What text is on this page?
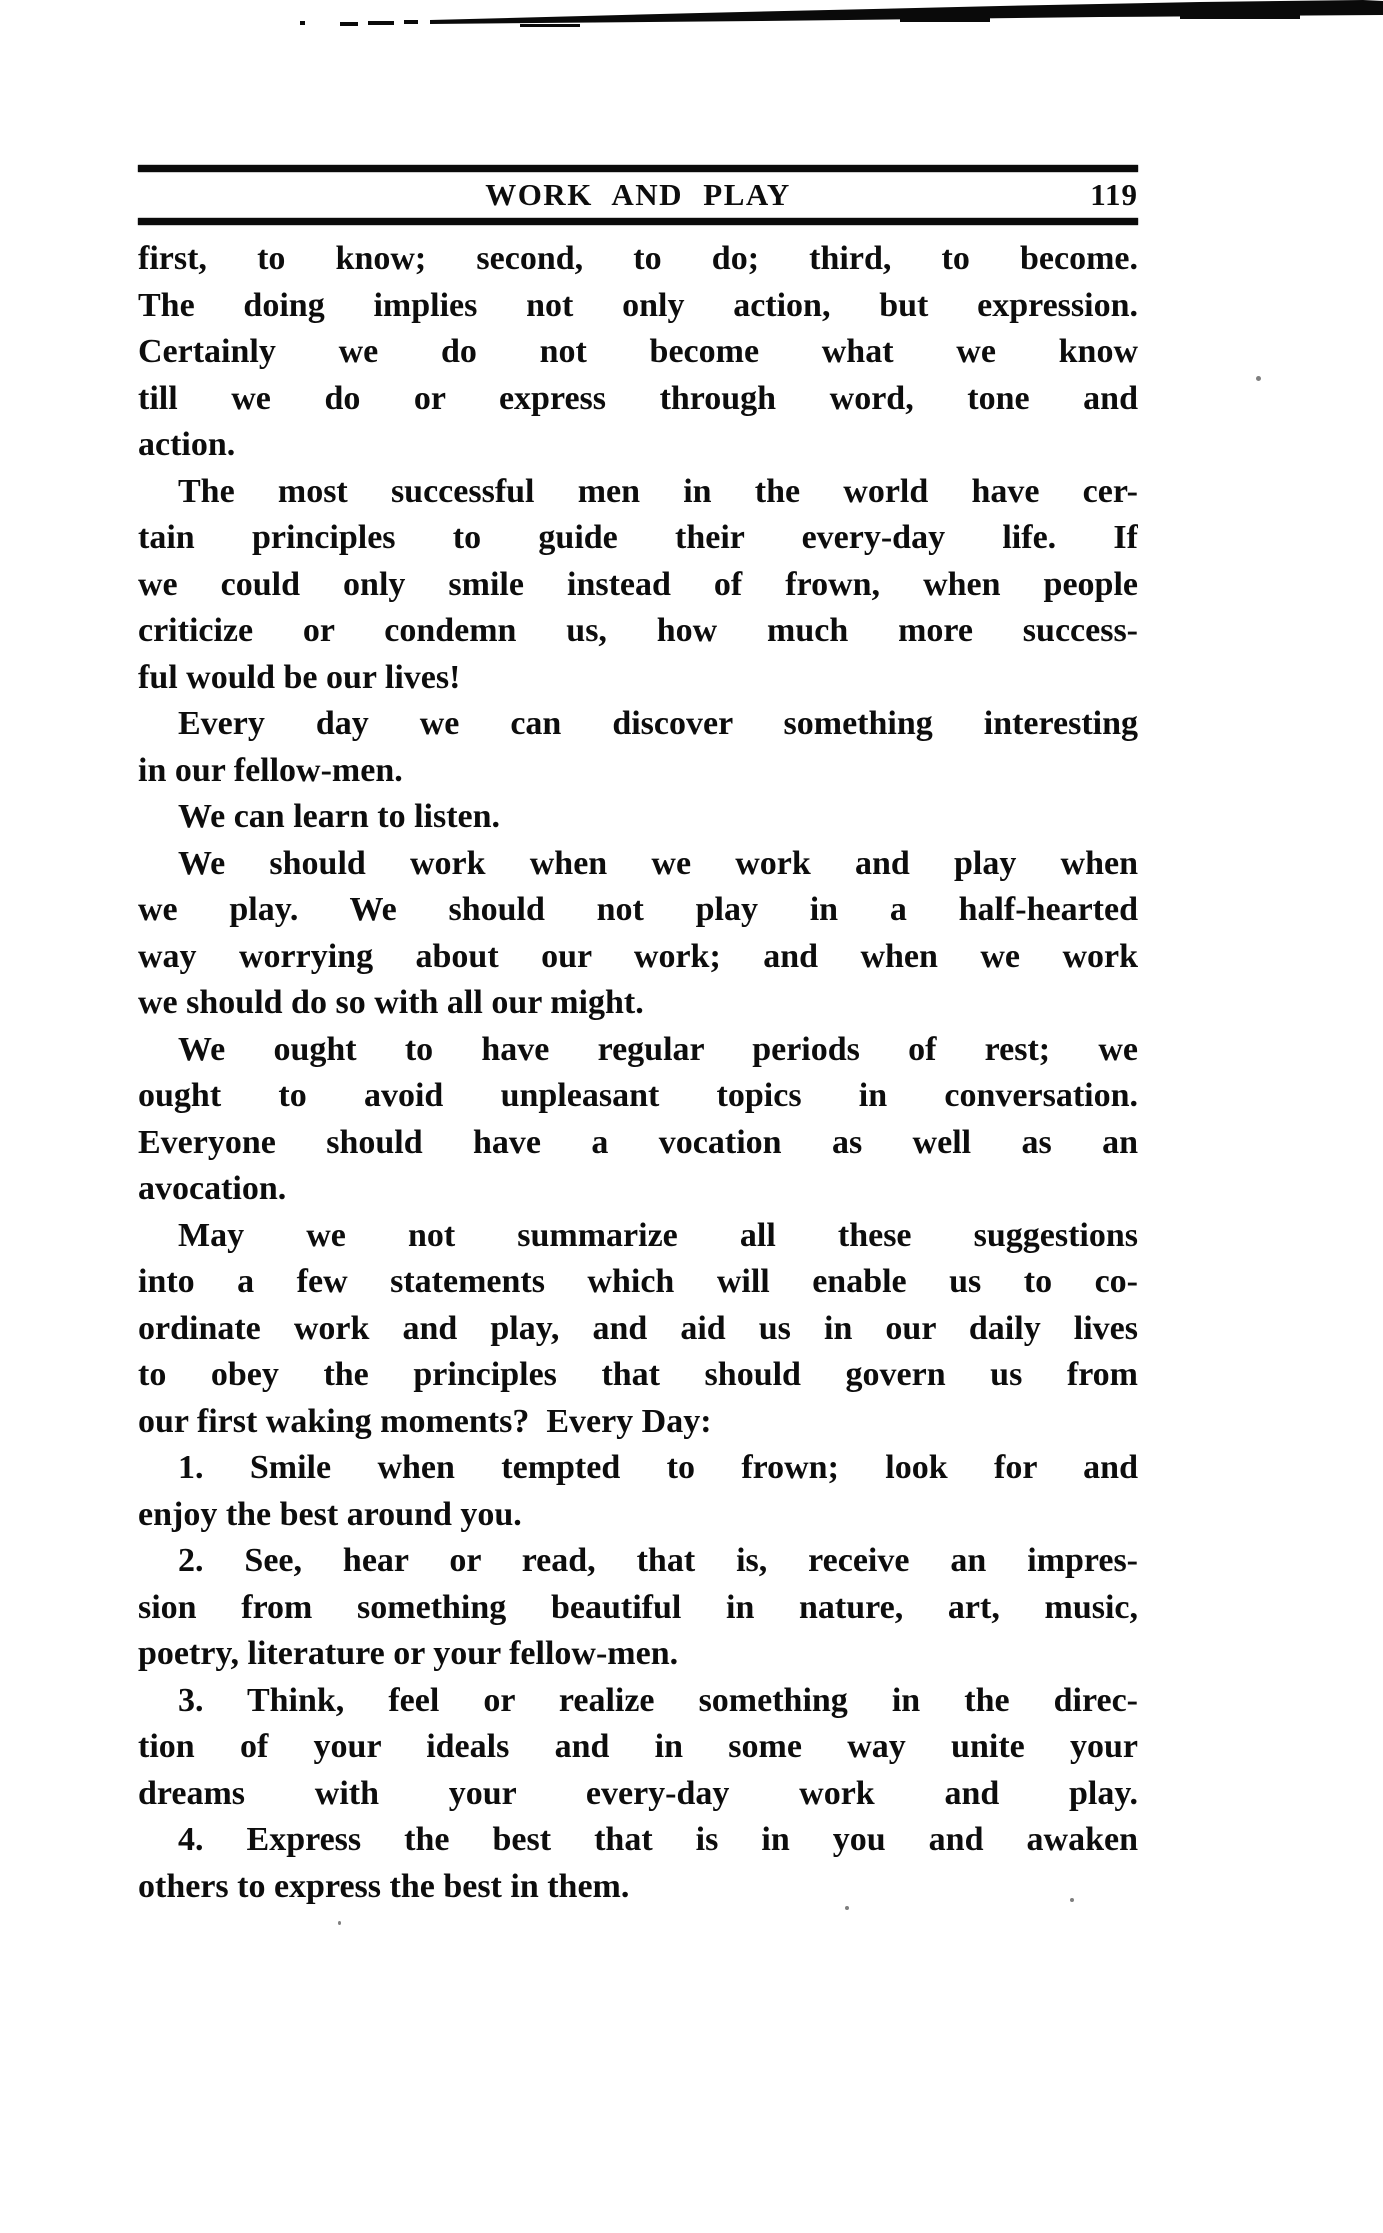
WORK AND PLAY	119
first, to know; second, to do; third, to become.
The doing implies not only action, but expression.
Certainly we do not become what we know
till we do or express through word, tone and
action.
The most successful men in the world have cer-
tain principles to guide their every-day life. If
we could only smile instead of frown, when people
criticize or condemn us, how much more success-
ful would be our lives!
Every day we can discover something interesting
in our fellow-men.
We can learn to listen.
We should work when we work and play when
we play. We should not play in a half-hearted
way worrying about our work; and when we work
we should do so with all our might.
We ought to have regular periods of rest; we
ought to avoid unpleasant topics in conversation.
Everyone should have a vocation as well as an
avocation.
May we not summarize all these suggestions
into a few statements which will enable us to co-
ordinate work and play, and aid us in our daily lives
to obey the principles that should govern us from
our first waking moments? Every Day:
1. Smile when tempted to frown; look for and
enjoy the best around you.
2. See, hear or read, that is, receive an impres-
sion from something beautiful in nature, art, music,
poetry, literature or your fellow-men.
3. Think, feel or realize something in the direc-
tion of your ideals and in some way unite your
dreams with your every-day work and play.
4. Express the best that is in you and awaken
others to express the best in them.
